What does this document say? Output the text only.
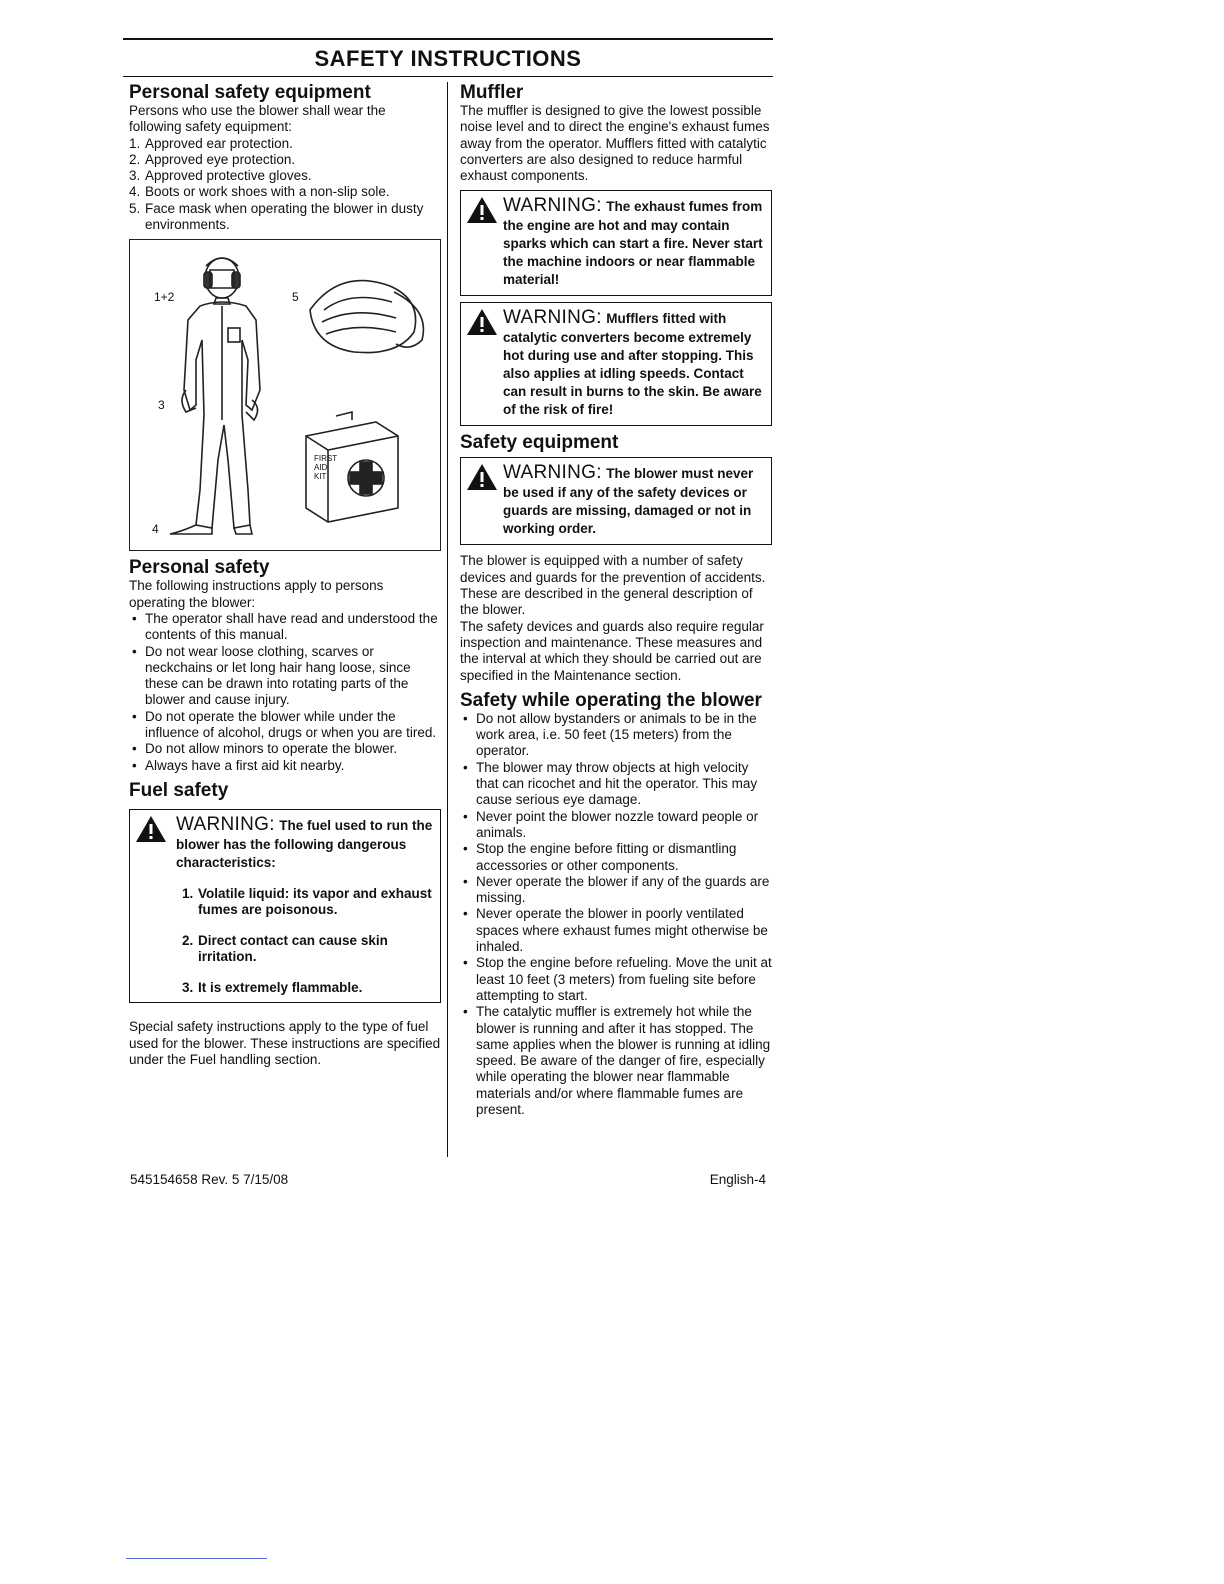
SAFETY INSTRUCTIONS
Personal safety equipment

Persons who use the blower shall wear the following safety equipment:

1. Approved ear protection.
2. Approved eye protection.
3. Approved protective gloves.
4. Boots or work shoes with a non-slip sole.
5. Face mask when operating the blower in dusty environments.
1+2	5
3
4
FIRST AID KIT
Personal safety

The following instructions apply to persons operating the blower:

• The operator shall have read and understood the contents of this manual.
• Do not wear loose clothing, scarves or neckchains or let long hair hang loose, since these can be drawn into rotating parts of the blower and cause injury.
• Do not operate the blower while under the influence of alcohol, drugs or when you are tired.
• Do not allow minors to operate the blower.
• Always have a first aid kit nearby.
Fuel safety
WARNING: The fuel used to run the blower has the following dangerous characteristics:
1. Volatile liquid: its vapor and exhaust fumes are poisonous.
2. Direct contact can cause skin irritation.
3. It is extremely flammable.

Special safety instructions apply to the type of fuel used for the blower. These instructions are specified under the Fuel handling section.

Muffler

The muffler is designed to give the lowest possible noise level and to direct the engine's exhaust fumes away from the operator. Mufflers fitted with catalytic converters are also designed to reduce harmful exhaust components.

WARNING: The exhaust fumes from the engine are hot and may contain sparks which can start a fire. Never start the machine indoors or near flammable material!
WARNING: Mufflers fitted with catalytic converters become extremely hot during use and after stopping. This also applies at idling speeds. Contact can result in burns to the skin. Be aware of the risk of fire!
Safety equipment
WARNING: The blower must never be used if any of the safety devices or guards are missing, damaged or not in working order.

The blower is equipped with a number of safety devices and guards for the prevention of accidents. These are described in the general description of the blower.

The safety devices and guards also require regular inspection and maintenance. These measures and the interval at which they should be carried out are specified in the Maintenance section.

Safety while operating the blower
• Do not allow bystanders or animals to be in the work area, i.e. 50 feet (15 meters) from the operator.
• The blower may throw objects at high velocity that can ricochet and hit the operator. This may cause serious eye damage.
• Never point the blower nozzle toward people or animals.
• Stop the engine before fitting or dismantling accessories or other components.
• Never operate the blower if any of the guards are missing.
• Never operate the blower in poorly ventilated spaces where exhaust fumes might otherwise be inhaled.
• Stop the engine before refueling. Move the unit at least 10 feet (3 meters) from fueling site before attempting to start.
• The catalytic muffler is extremely hot while the blower is running and after it has stopped. The same applies when the blower is running at idling speed. Be aware of the danger of fire, especially while operating the blower near flammable materials and/or where flammable fumes are present.
545154658 Rev. 5 7/15/08	English-4
